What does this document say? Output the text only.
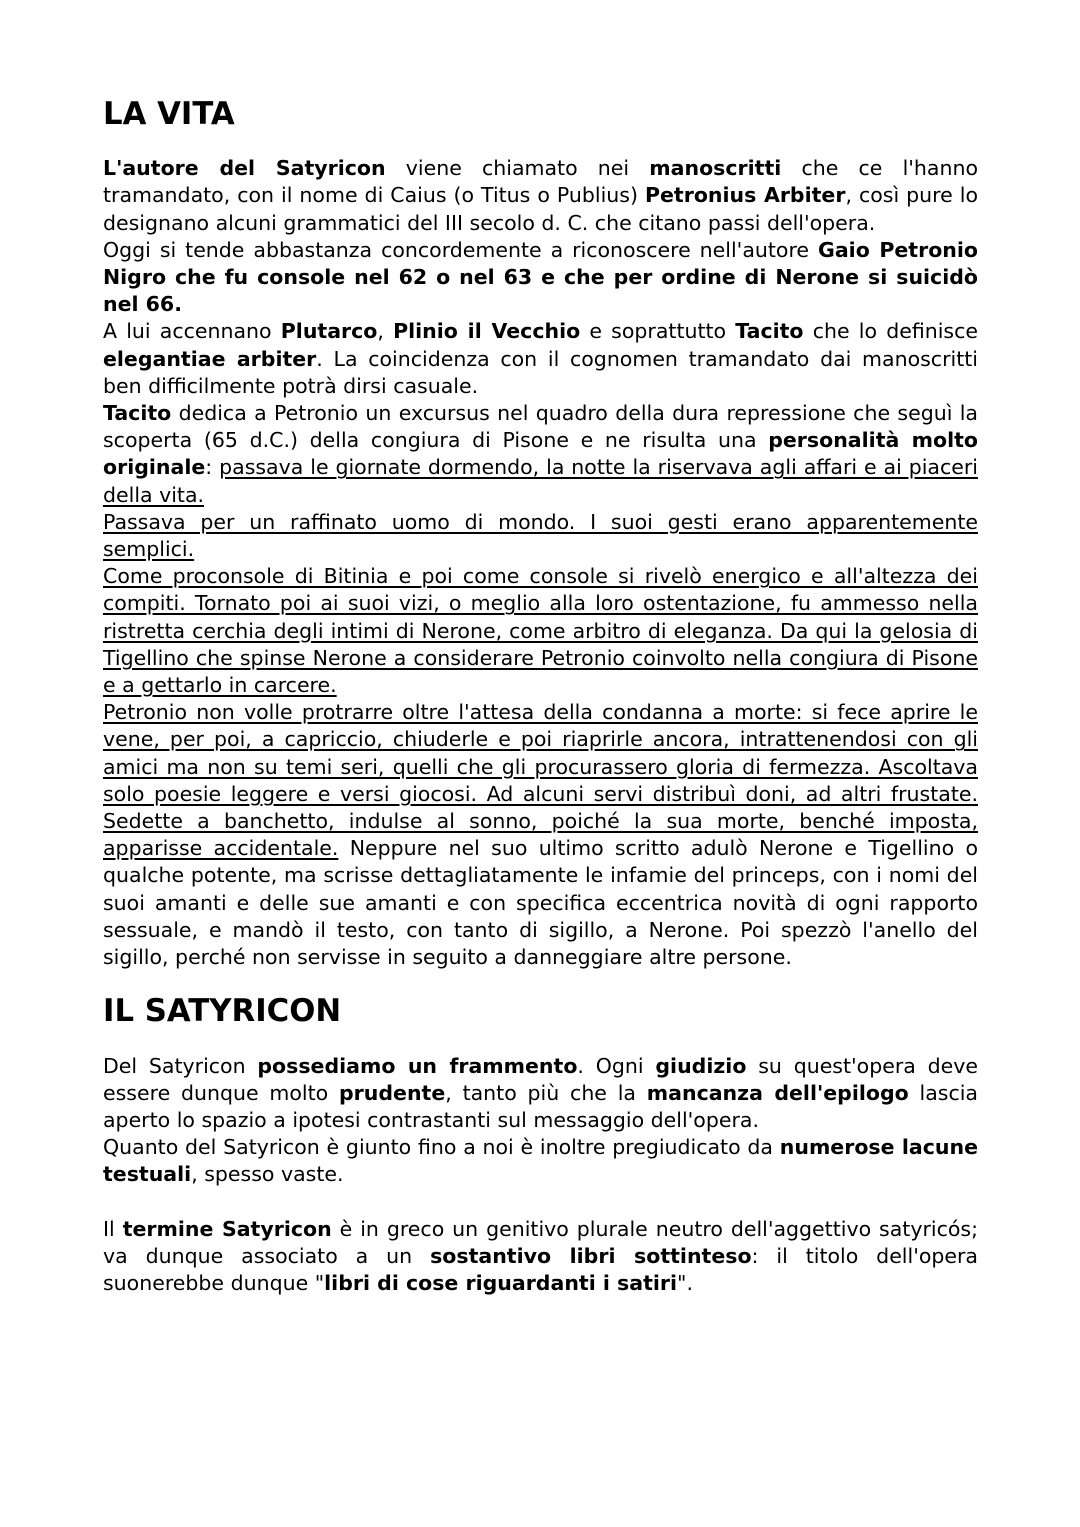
LA VITA

L'autore del Satyricon viene chiamato nei manoscritti che ce l'hanno tramandato, con il nome di Caius (o Titus o Publius) Petronius Arbiter, così pure lo designano alcuni grammatici del III secolo d. C. che citano passi dell'opera.

Oggi si tende abbastanza concordemente a riconoscere nell'autore Gaio Petronio Nigro che fu console nel 62 o nel 63 e che per ordine di Nerone si suicidò nel 66.

A lui accennano Plutarco, Plinio il Vecchio e soprattutto Tacito che lo definisce elegantiae arbiter. La coincidenza con il cognomen tramandato dai manoscritti ben difficilmente potrà dirsi casuale.

Tacito dedica a Petronio un excursus nel quadro della dura repressione che seguì la scoperta (65 d.C.) della congiura di Pisone e ne risulta una personalità molto originale: passava le giornate dormendo, la notte la riservava agli affari e ai piaceri della vita.

Passava per un raffinato uomo di mondo. I suoi gesti erano apparentemente semplici.

Come proconsole di Bitinia e poi come console si rivelò energico e all'altezza dei compiti. Tornato poi ai suoi vizi, o meglio alla loro ostentazione, fu ammesso nella ristretta cerchia degli intimi di Nerone, come arbitro di eleganza. Da qui la gelosia di Tigellino che spinse Nerone a considerare Petronio coinvolto nella congiura di Pisone e a gettarlo in carcere.

Petronio non volle protrarre oltre l'attesa della condanna a morte: si fece aprire le vene, per poi, a capriccio, chiuderle e poi riaprirle ancora, intrattenendosi con gli amici ma non su temi seri, quelli che gli procurassero gloria di fermezza. Ascoltava solo poesie leggere e versi giocosi. Ad alcuni servi distribuì doni, ad altri frustate. Sedette a banchetto, indulse al sonno, poiché la sua morte, benché imposta, apparisse accidentale. Neppure nel suo ultimo scritto adulò Nerone e Tigellino o qualche potente, ma scrisse dettagliatamente le infamie del princeps, con i nomi del suoi amanti e delle sue amanti e con specifica eccentrica novità di ogni rapporto sessuale, e mandò il testo, con tanto di sigillo, a Nerone. Poi spezzò l'anello del sigillo, perché non servisse in seguito a danneggiare altre persone.

IL SATYRICON

Del Satyricon possediamo un frammento. Ogni giudizio su quest'opera deve essere dunque molto prudente, tanto più che la mancanza dell'epilogo lascia aperto lo spazio a ipotesi contrastanti sul messaggio dell'opera.

Quanto del Satyricon è giunto fino a noi è inoltre pregiudicato da numerose lacune testuali, spesso vaste.

Il termine Satyricon è in greco un genitivo plurale neutro dell'aggettivo satyricós; va dunque associato a un sostantivo libri sottinteso: il titolo dell'opera suonerebbe dunque "libri di cose riguardanti i satiri".
